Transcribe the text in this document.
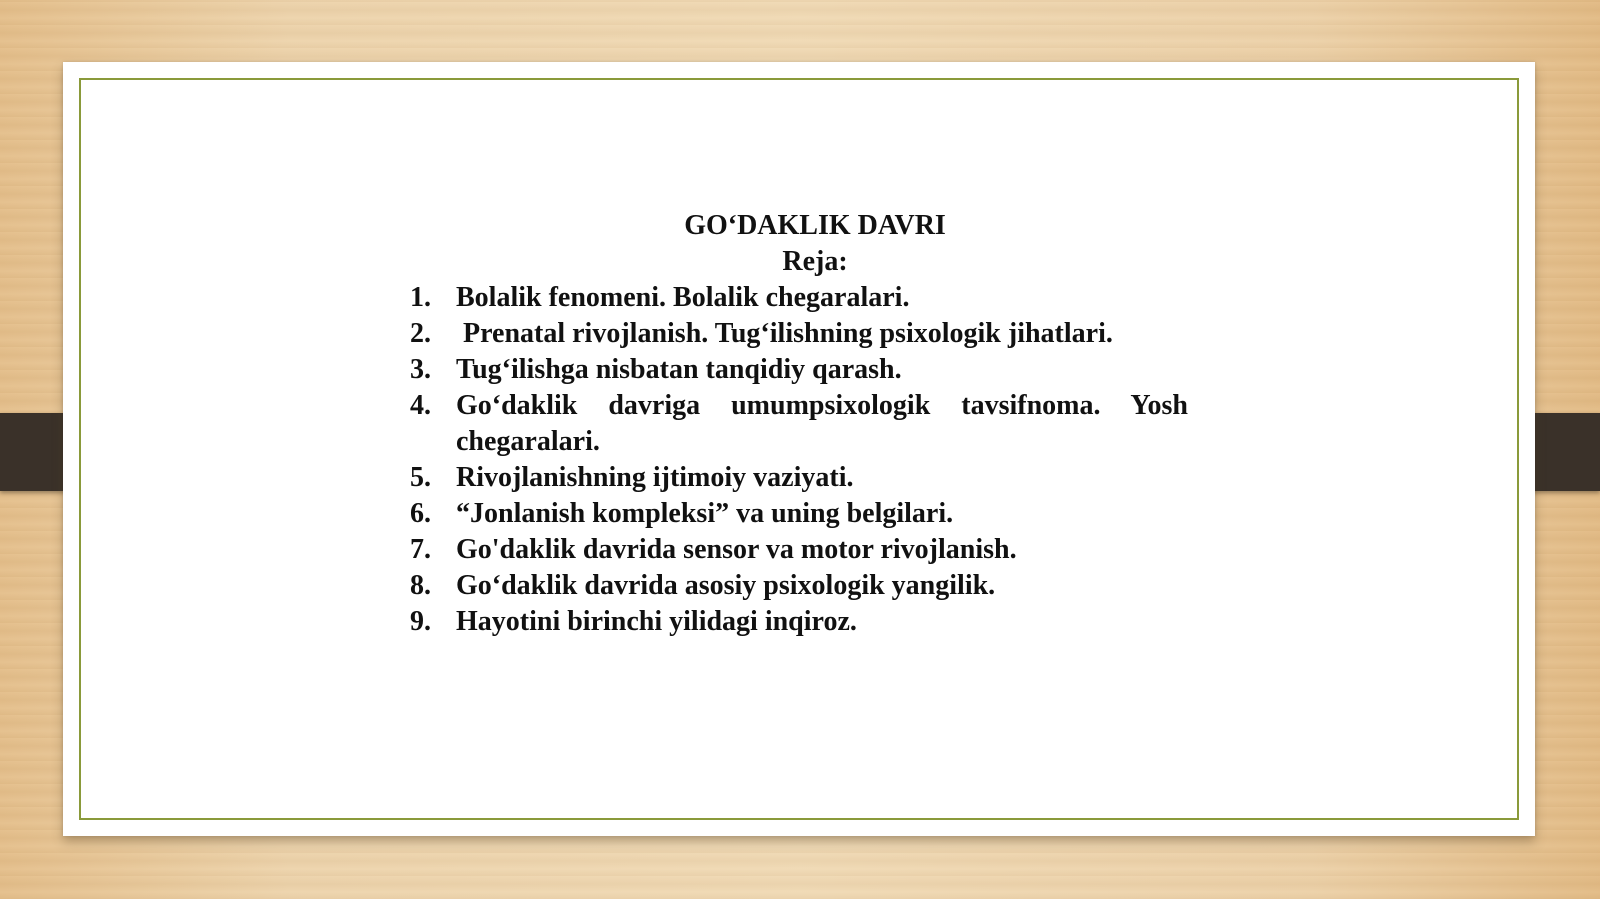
GO‘DAKLIK DAVRI
Reja:
1. Bolalik fenomeni. Bolalik chegaralari.
2.	Prenatal rivojlanish. Tug‘ilishning psixologik jihatlari.
3. Tug‘ilishga nisbatan tanqidiy qarash.
4. Go‘daklik davriga umumpsixologik tavsifnoma. Yosh
chegaralari.
5. Rivojlanishning ijtimoiy vaziyati.
6. “Jonlanish kompleksi” va uning belgilari.
7. Go'daklik davrida sensor va motor rivojlanish.
8. Go‘daklik davrida asosiy psixologik yangilik.
9. Hayotini birinchi yilidagi inqiroz.
